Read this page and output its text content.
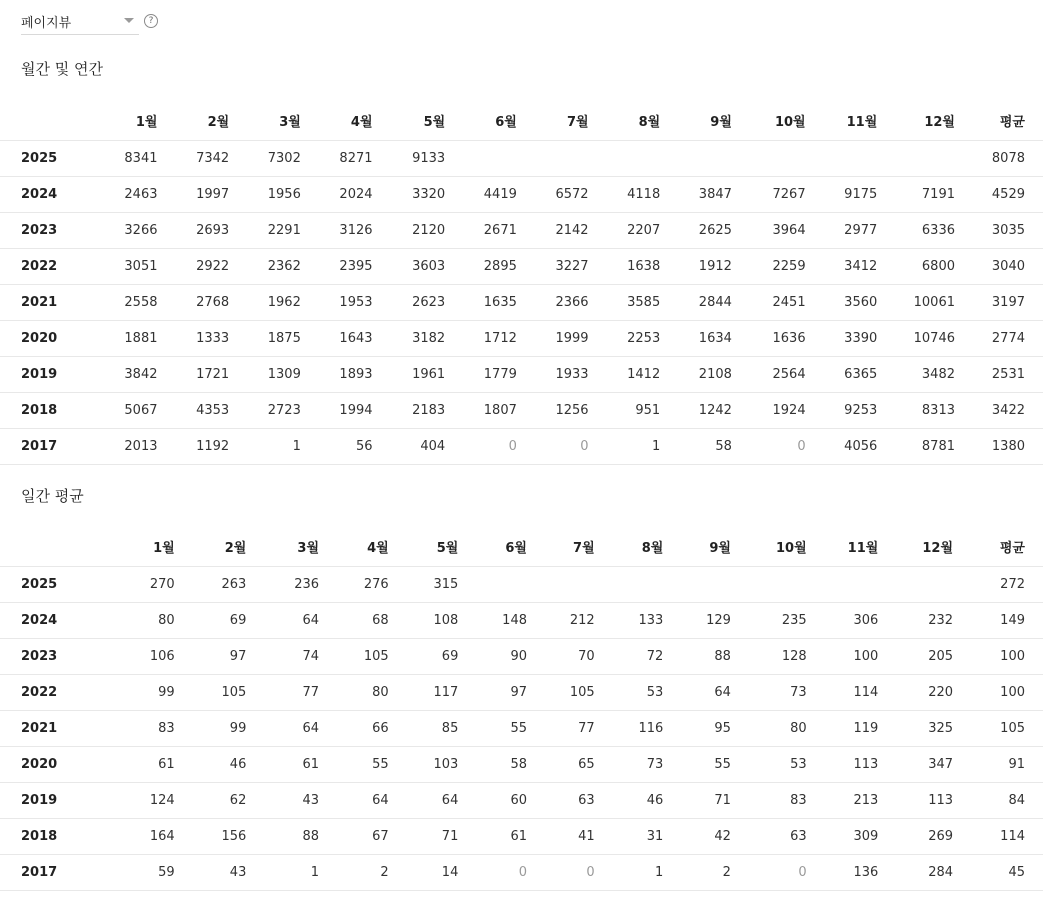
페이지뷰	?
월간 및 연간
	1월	2월	3월	4월	5월	6월	7월	8월	9월	10월	11월	12월	평균
2025	8341	7342	7302	8271	9133								8078
2024	2463	1997	1956	2024	3320	4419	6572	4118	3847	7267	9175	7191	4529
2023	3266	2693	2291	3126	2120	2671	2142	2207	2625	3964	2977	6336	3035
2022	3051	2922	2362	2395	3603	2895	3227	1638	1912	2259	3412	6800	3040
2021	2558	2768	1962	1953	2623	1635	2366	3585	2844	2451	3560	10061	3197
2020	1881	1333	1875	1643	3182	1712	1999	2253	1634	1636	3390	10746	2774
2019	3842	1721	1309	1893	1961	1779	1933	1412	2108	2564	6365	3482	2531
2018	5067	4353	2723	1994	2183	1807	1256	951	1242	1924	9253	8313	3422
2017	2013	1192	1	56	404	0	0	1	58	0	4056	8781	1380
일간 평균
	1월	2월	3월	4월	5월	6월	7월	8월	9월	10월	11월	12월	평균
2025	270	263	236	276	315								272
2024	80	69	64	68	108	148	212	133	129	235	306	232	149
2023	106	97	74	105	69	90	70	72	88	128	100	205	100
2022	99	105	77	80	117	97	105	53	64	73	114	220	100
2021	83	99	64	66	85	55	77	116	95	80	119	325	105
2020	61	46	61	55	103	58	65	73	55	53	113	347	91
2019	124	62	43	64	64	60	63	46	71	83	213	113	84
2018	164	156	88	67	71	61	41	31	42	63	309	269	114
2017	59	43	1	2	14	0	0	1	2	0	136	284	45
